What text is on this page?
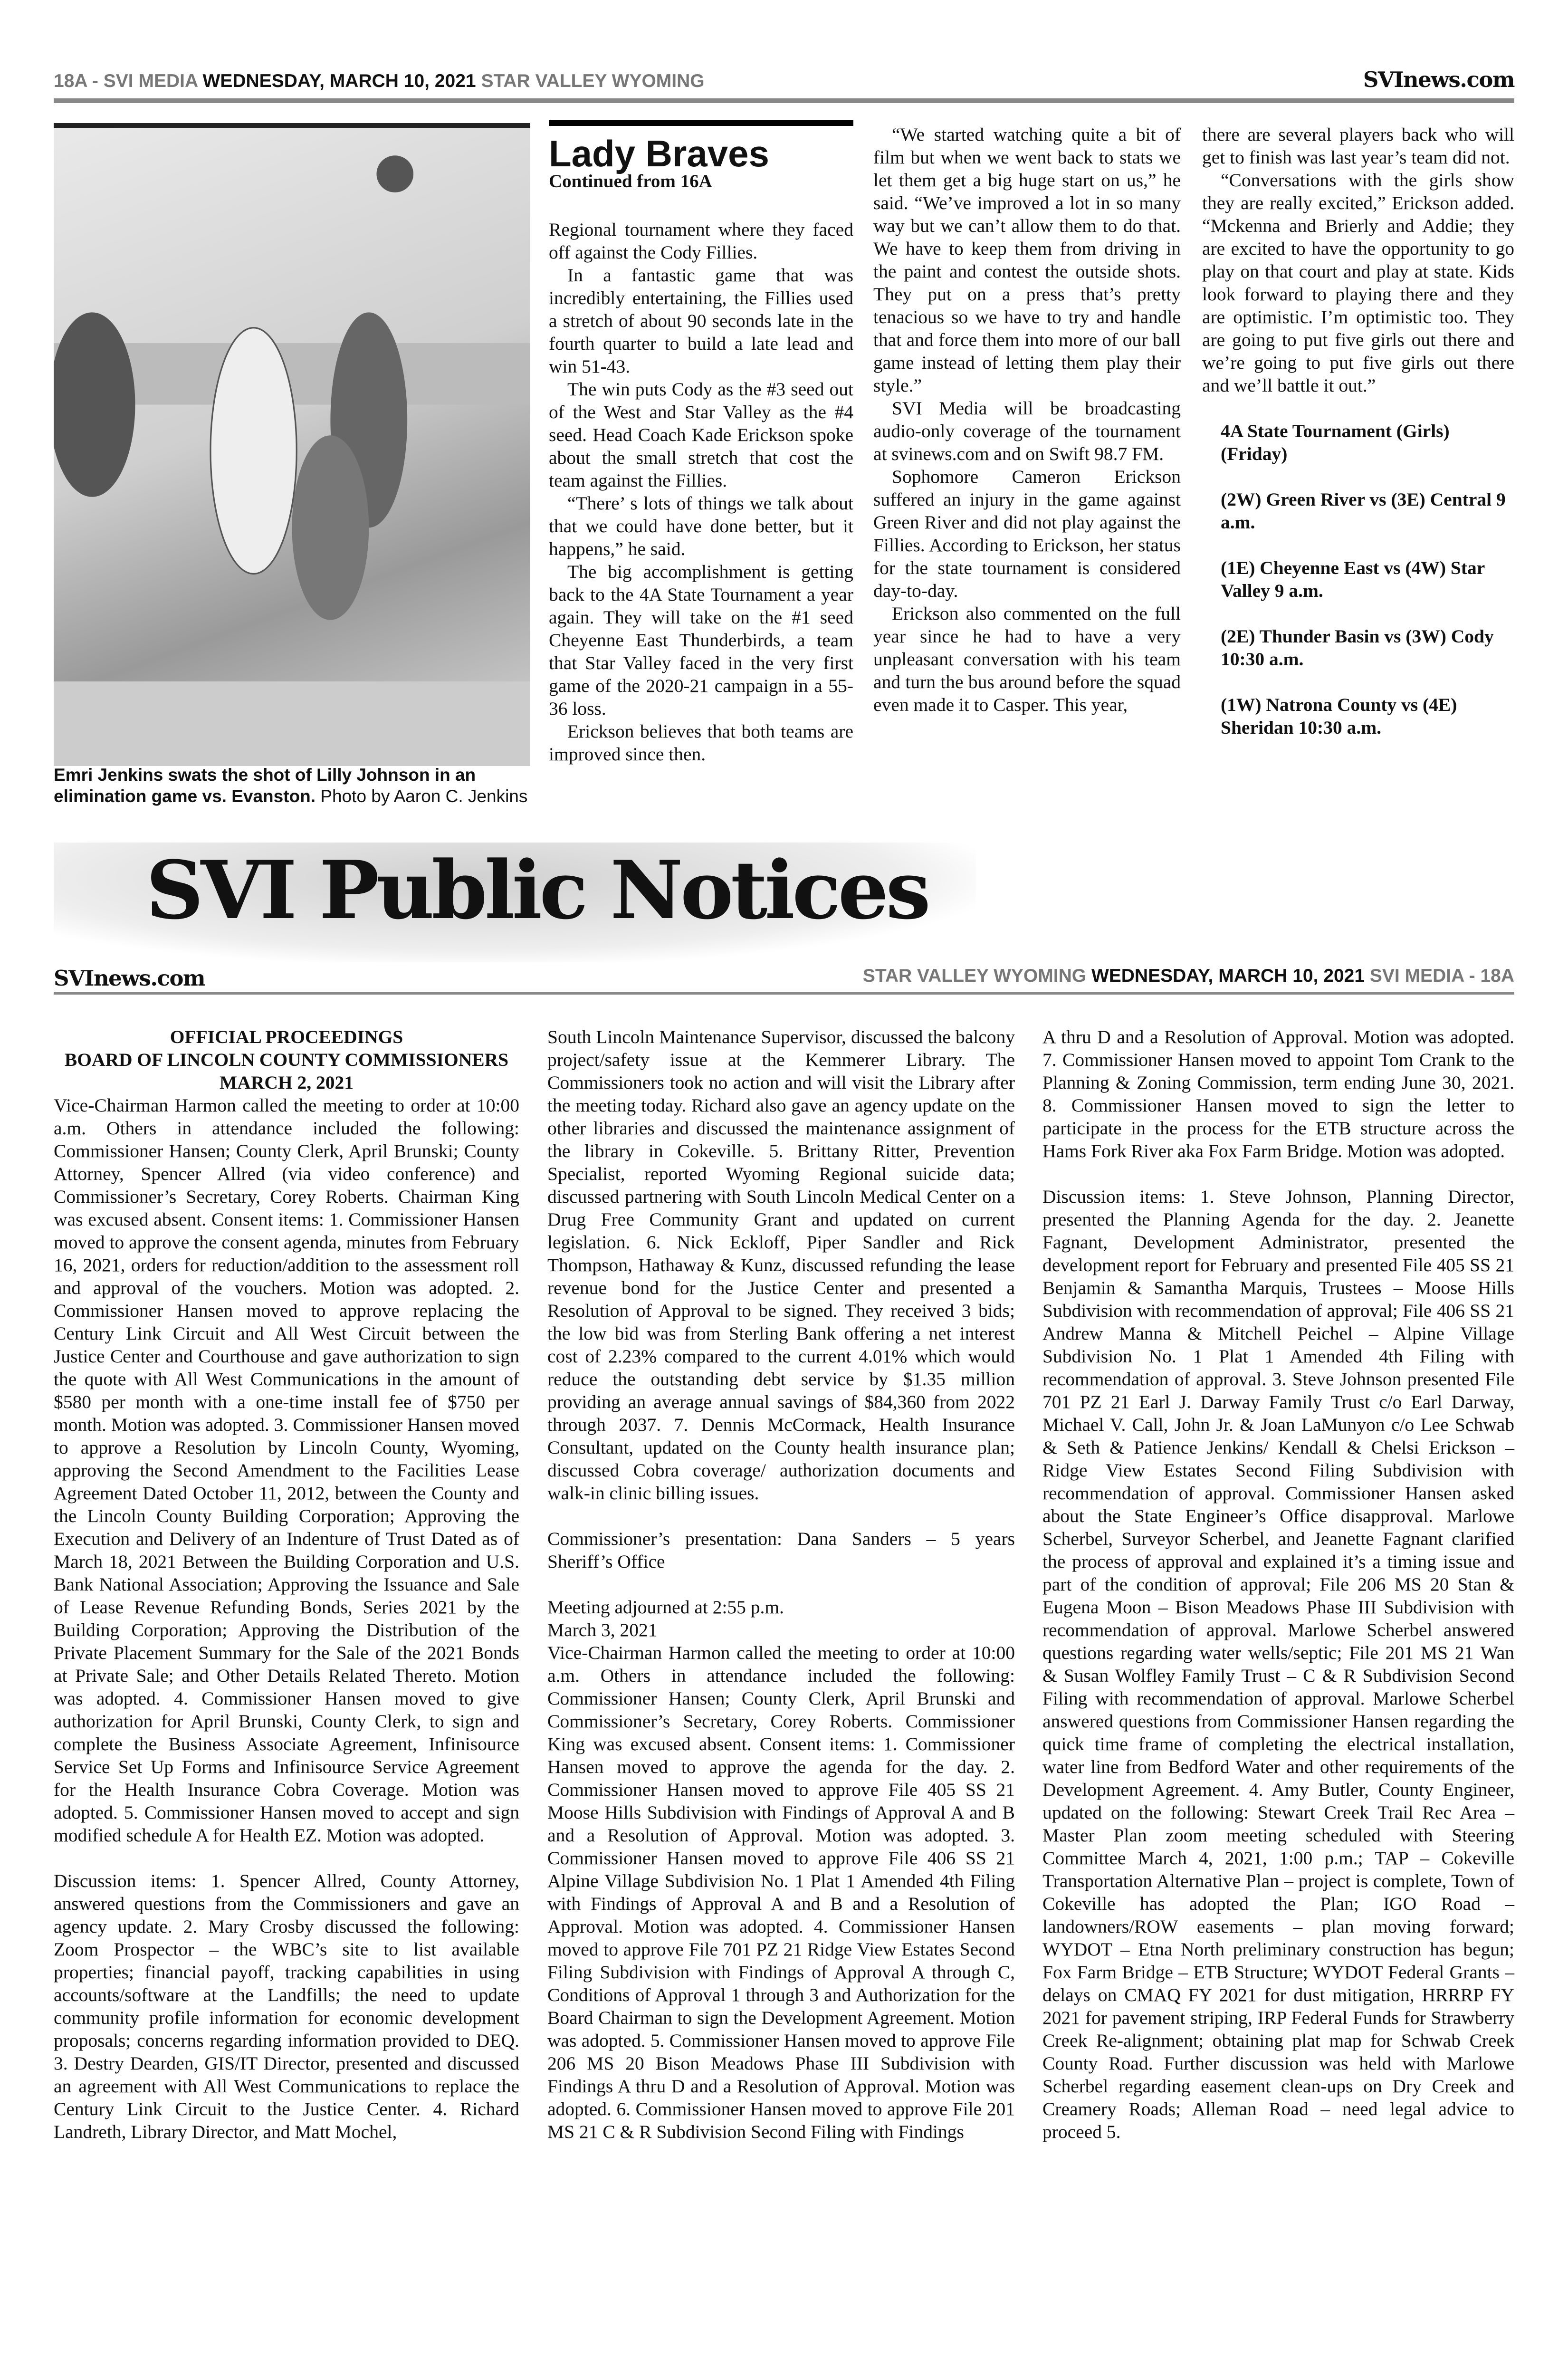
18A - SVI MEDIA WEDNESDAY, MARCH 10, 2021 STAR VALLEY WYOMING	SVInews.com
Emri Jenkins swats the shot of Lilly Johnson in an elimination game vs. Evanston. Photo by Aaron C. Jenkins
Lady Braves
Continued from 16A

Regional tournament where they faced off against the Cody Fillies.

In a fantastic game that was incredibly entertaining, the Fillies used a stretch of about 90 seconds late in the fourth quarter to build a late lead and win 51-43.

The win puts Cody as the #3 seed out of the West and Star Valley as the #4 seed. Head Coach Kade Erickson spoke about the small stretch that cost the team against the Fillies.

“There’ s lots of things we talk about that we could have done better, but it happens,” he said.

The big accomplishment is getting back to the 4A State Tournament a year again. They will take on the #1 seed Cheyenne East Thunderbirds, a team that Star Valley faced in the very first game of the 2020-21 campaign in a 55-36 loss.

Erickson believes that both teams are improved since then.

“We started watching quite a bit of film but when we went back to stats we let them get a big huge start on us,” he said. “We’ve improved a lot in so many way but we can’t allow them to do that. We have to keep them from driving in the paint and contest the outside shots. They put on a press that’s pretty tenacious so we have to try and handle that and force them into more of our ball game instead of letting them play their style.”

SVI Media will be broadcasting audio-only coverage of the tournament at svinews.com and on Swift 98.7 FM.

Sophomore Cameron Erickson suffered an injury in the game against Green River and did not play against the Fillies. According to Erickson, her status for the state tournament is considered day-to-day.

Erickson also commented on the full year since he had to have a very unpleasant conversation with his team and turn the bus around before the squad even made it to Casper. This year,

there are several players back who will get to finish was last year’s team did not.

“Conversations with the girls show they are really excited,” Erickson added. “Mckenna and Brierly and Addie; they are excited to have the opportunity to go play on that court and play at state. Kids look forward to playing there and they are optimistic. I’m optimistic too. They are going to put five girls out there and we’re going to put five girls out there and we’ll battle it out.”

4A State Tournament (Girls) (Friday)
(2W) Green River vs (3E) Central 9 a.m.
(1E) Cheyenne East vs (4W) Star Valley 9 a.m.
(2E) Thunder Basin vs (3W) Cody 10:30 a.m.
(1W) Natrona County vs (4E) Sheridan 10:30 a.m.
SVI Public Notices
SVInews.com	STAR VALLEY WYOMING WEDNESDAY, MARCH 10, 2021 SVI MEDIA - 18A
OFFICIAL PROCEEDINGS
BOARD OF LINCOLN COUNTY COMMISSIONERS
MARCH 2, 2021

Vice-Chairman Harmon called the meeting to order at 10:00 a.m. Others in attendance included the following: Commissioner Hansen; County Clerk, April Brunski; County Attorney, Spencer Allred (via video conference) and Commissioner’s Secretary, Corey Roberts. Chairman King was excused absent. Consent items: 1. Commissioner Hansen moved to approve the consent agenda, minutes from February 16, 2021, orders for reduction/addition to the assessment roll and approval of the vouchers. Motion was adopted. 2. Commissioner Hansen moved to approve replacing the Century Link Circuit and All West Circuit between the Justice Center and Courthouse and gave authorization to sign the quote with All West Communications in the amount of $580 per month with a one-time install fee of $750 per month. Motion was adopted. 3. Commissioner Hansen moved to approve a Resolution by Lincoln County, Wyoming, approving the Second Amendment to the Facilities Lease Agreement Dated October 11, 2012, between the County and the Lincoln County Building Corporation; Approving the Execution and Delivery of an Indenture of Trust Dated as of March 18, 2021 Between the Building Corporation and U.S. Bank National Association; Approving the Issuance and Sale of Lease Revenue Refunding Bonds, Series 2021 by the Building Corporation; Approving the Distribution of the Private Placement Summary for the Sale of the 2021 Bonds at Private Sale; and Other Details Related Thereto. Motion was adopted. 4. Commissioner Hansen moved to give authorization for April Brunski, County Clerk, to sign and complete the Business Associate Agreement, Infinisource Service Set Up Forms and Infinisource Service Agreement for the Health Insurance Cobra Coverage. Motion was adopted. 5. Commissioner Hansen moved to accept and sign modified schedule A for Health EZ. Motion was adopted.

Discussion items: 1. Spencer Allred, County Attorney, answered questions from the Commissioners and gave an agency update. 2. Mary Crosby discussed the following: Zoom Prospector – the WBC’s site to list available properties; financial payoff, tracking capabilities in using accounts/software at the Landfills; the need to update community profile information for economic development proposals; concerns regarding information provided to DEQ. 3. Destry Dearden, GIS/IT Director, presented and discussed an agreement with All West Communications to replace the Century Link Circuit to the Justice Center. 4. Richard Landreth, Library Director, and Matt Mochel,

South Lincoln Maintenance Supervisor, discussed the balcony project/safety issue at the Kemmerer Library. The Commissioners took no action and will visit the Library after the meeting today. Richard also gave an agency update on the other libraries and discussed the maintenance assignment of the library in Cokeville. 5. Brittany Ritter, Prevention Specialist, reported Wyoming Regional suicide data; discussed partnering with South Lincoln Medical Center on a Drug Free Community Grant and updated on current legislation. 6. Nick Eckloff, Piper Sandler and Rick Thompson, Hathaway & Kunz, discussed refunding the lease revenue bond for the Justice Center and presented a Resolution of Approval to be signed. They received 3 bids; the low bid was from Sterling Bank offering a net interest cost of 2.23% compared to the current 4.01% which would reduce the outstanding debt service by $1.35 million providing an average annual savings of $84,360 from 2022 through 2037. 7. Dennis McCormack, Health Insurance Consultant, updated on the County health insurance plan; discussed Cobra coverage/ authorization documents and walk-in clinic billing issues.

Commissioner’s presentation: Dana Sanders – 5 years Sheriff’s Office

Meeting adjourned at 2:55 p.m.

March 3, 2021

Vice-Chairman Harmon called the meeting to order at 10:00 a.m. Others in attendance included the following: Commissioner Hansen; County Clerk, April Brunski and Commissioner’s Secretary, Corey Roberts. Commissioner King was excused absent. Consent items: 1. Commissioner Hansen moved to approve the agenda for the day. 2. Commissioner Hansen moved to approve File 405 SS 21 Moose Hills Subdivision with Findings of Approval A and B and a Resolution of Approval. Motion was adopted. 3. Commissioner Hansen moved to approve File 406 SS 21 Alpine Village Subdivision No. 1 Plat 1 Amended 4th Filing with Findings of Approval A and B and a Resolution of Approval. Motion was adopted. 4. Commissioner Hansen moved to approve File 701 PZ 21 Ridge View Estates Second Filing Subdivision with Findings of Approval A through C, Conditions of Approval 1 through 3 and Authorization for the Board Chairman to sign the Development Agreement. Motion was adopted. 5. Commissioner Hansen moved to approve File 206 MS 20 Bison Meadows Phase III Subdivision with Findings A thru D and a Resolution of Approval. Motion was adopted. 6. Commissioner Hansen moved to approve File 201 MS 21 C & R Subdivision Second Filing with Findings

A thru D and a Resolution of Approval. Motion was adopted. 7. Commissioner Hansen moved to appoint Tom Crank to the Planning & Zoning Commission, term ending June 30, 2021. 8. Commissioner Hansen moved to sign the letter to participate in the process for the ETB structure across the Hams Fork River aka Fox Farm Bridge. Motion was adopted.

Discussion items: 1. Steve Johnson, Planning Director, presented the Planning Agenda for the day. 2. Jeanette Fagnant, Development Administrator, presented the development report for February and presented File 405 SS 21 Benjamin & Samantha Marquis, Trustees – Moose Hills Subdivision with recommendation of approval; File 406 SS 21 Andrew Manna & Mitchell Peichel – Alpine Village Subdivision No. 1 Plat 1 Amended 4th Filing with recommendation of approval. 3. Steve Johnson presented File 701 PZ 21 Earl J. Darway Family Trust c/o Earl Darway, Michael V. Call, John Jr. & Joan LaMunyon c/o Lee Schwab & Seth & Patience Jenkins/ Kendall & Chelsi Erickson – Ridge View Estates Second Filing Subdivision with recommendation of approval. Commissioner Hansen asked about the State Engineer’s Office disapproval. Marlowe Scherbel, Surveyor Scherbel, and Jeanette Fagnant clarified the process of approval and explained it’s a timing issue and part of the condition of approval; File 206 MS 20 Stan & Eugena Moon – Bison Meadows Phase III Subdivision with recommendation of approval. Marlowe Scherbel answered questions regarding water wells/septic; File 201 MS 21 Wan & Susan Wolfley Family Trust – C & R Subdivision Second Filing with recommendation of approval. Marlowe Scherbel answered questions from Commissioner Hansen regarding the quick time frame of completing the electrical installation, water line from Bedford Water and other requirements of the Development Agreement. 4. Amy Butler, County Engineer, updated on the following: Stewart Creek Trail Rec Area – Master Plan zoom meeting scheduled with Steering Committee March 4, 2021, 1:00 p.m.; TAP – Cokeville Transportation Alternative Plan – project is complete, Town of Cokeville has adopted the Plan; IGO Road – landowners/ROW easements – plan moving forward; WYDOT – Etna North preliminary construction has begun; Fox Farm Bridge – ETB Structure; WYDOT Federal Grants – delays on CMAQ FY 2021 for dust mitigation, HRRRP FY 2021 for pavement striping, IRP Federal Funds for Strawberry Creek Re-alignment; obtaining plat map for Schwab Creek County Road. Further discussion was held with Marlowe Scherbel regarding easement clean-ups on Dry Creek and Creamery Roads; Alleman Road – need legal advice to proceed 5.
